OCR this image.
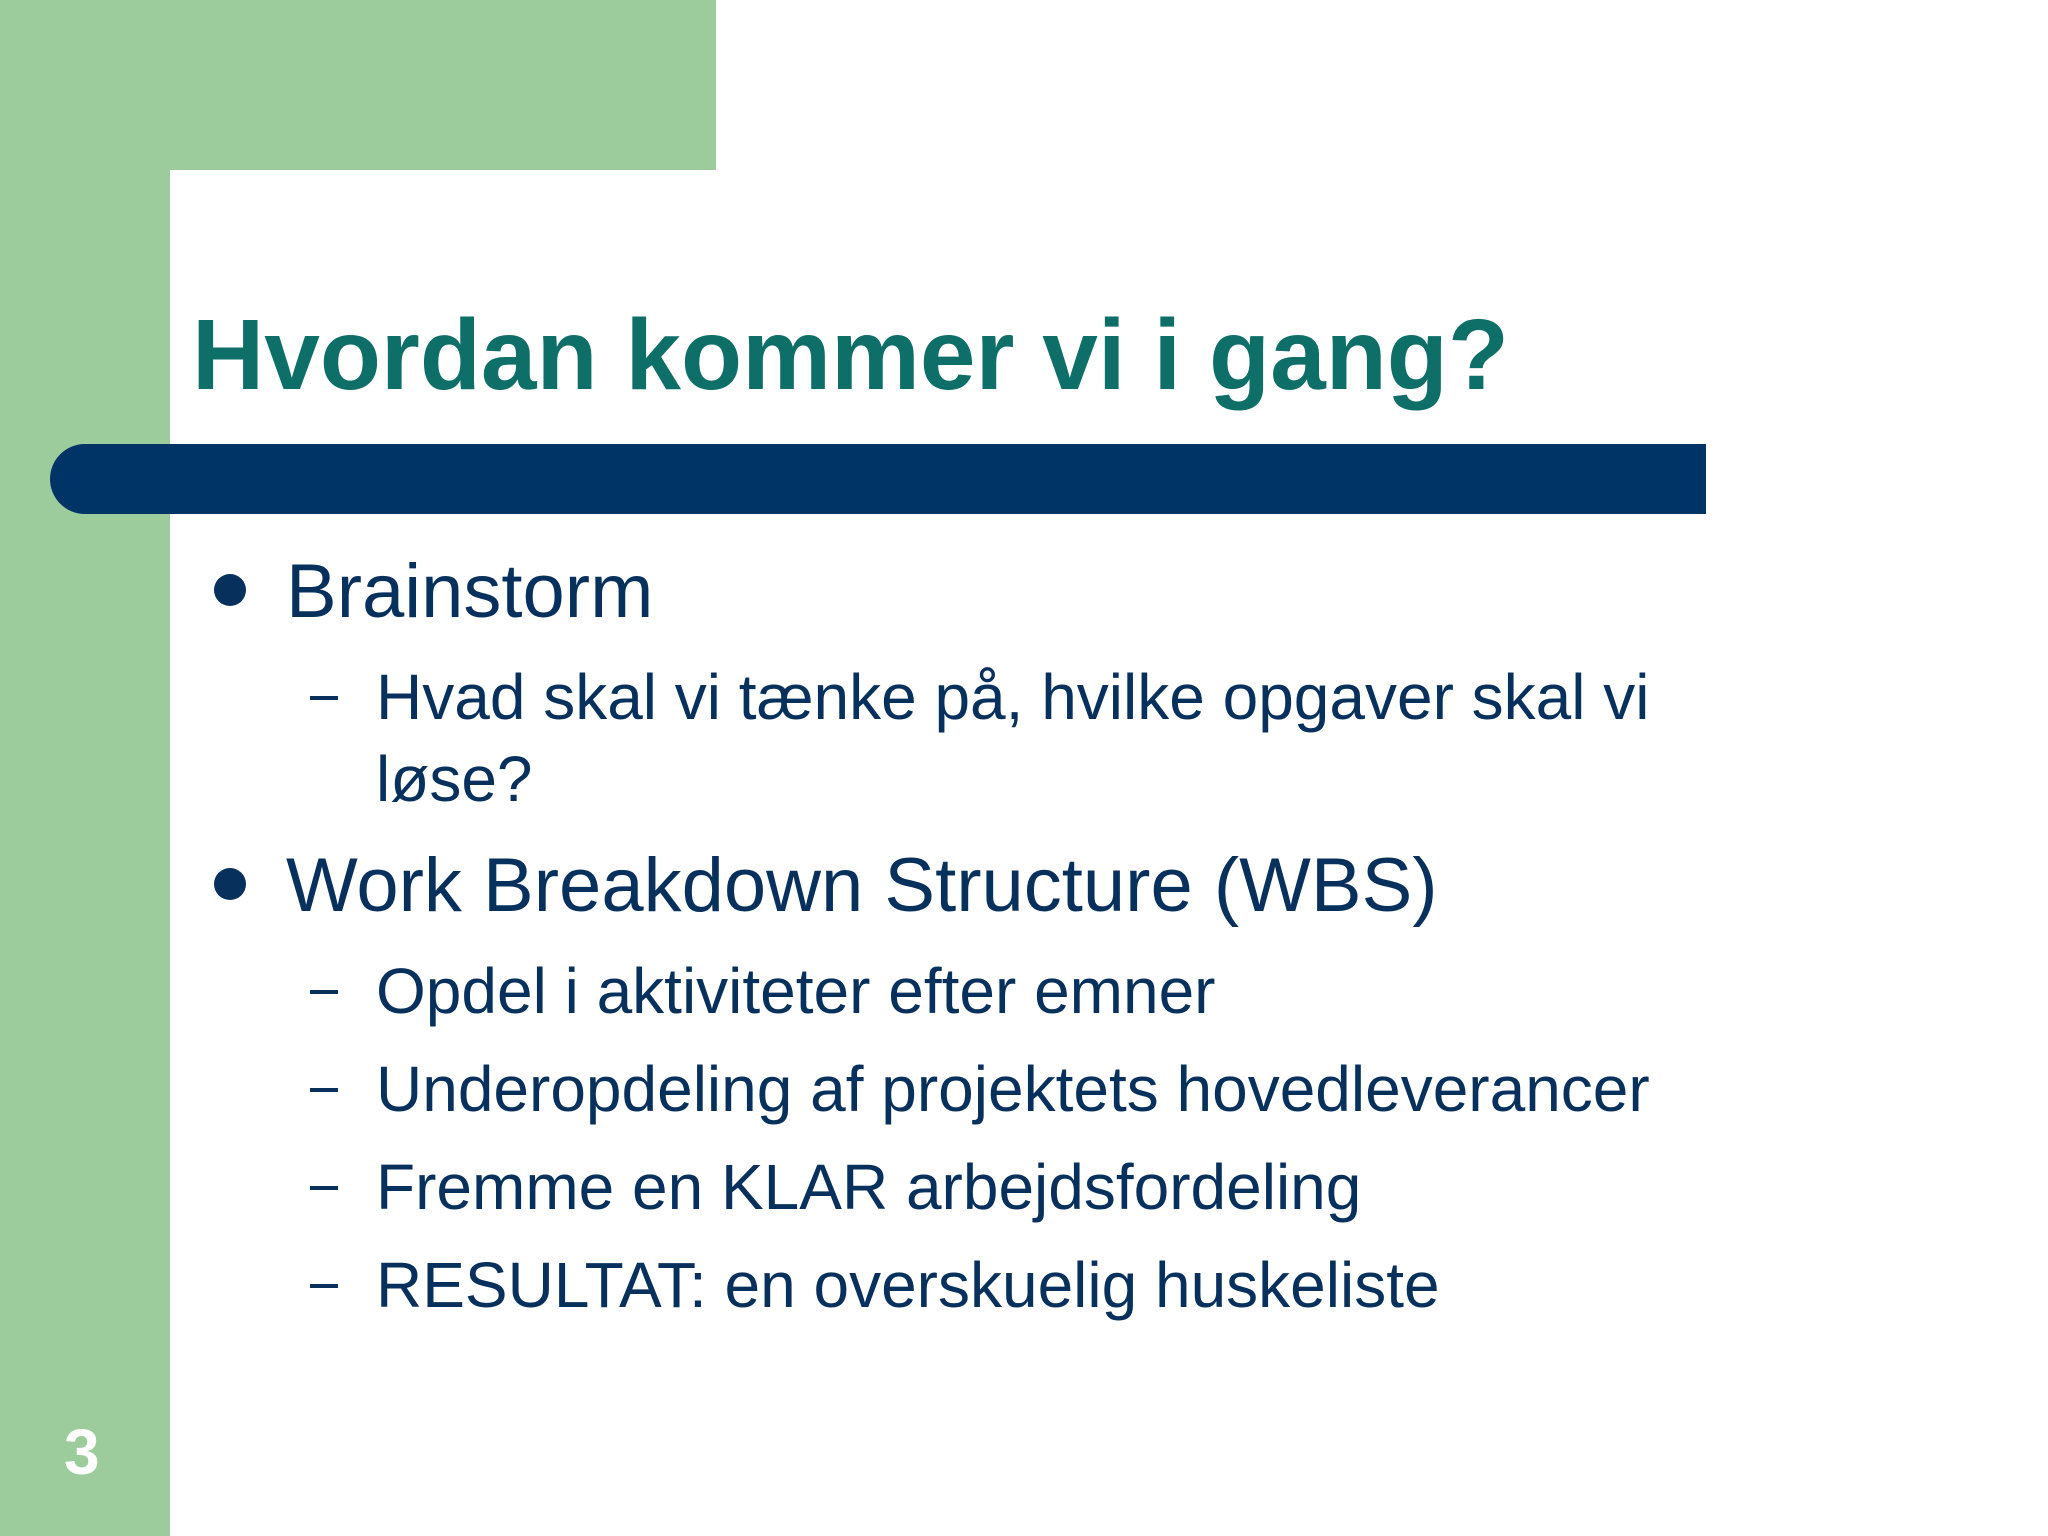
Hvordan kommer vi i gang?

Brainstorm

Hvad skal vi tænke på, hvilke opgaver skal vi

løse?

Work Breakdown Structure (WBS)

Opdel i aktiviteter efter emner

Underopdeling af projektets hovedleverancer

Fremme en KLAR arbejdsfordeling

RESULTAT: en overskuelig huskeliste

3
